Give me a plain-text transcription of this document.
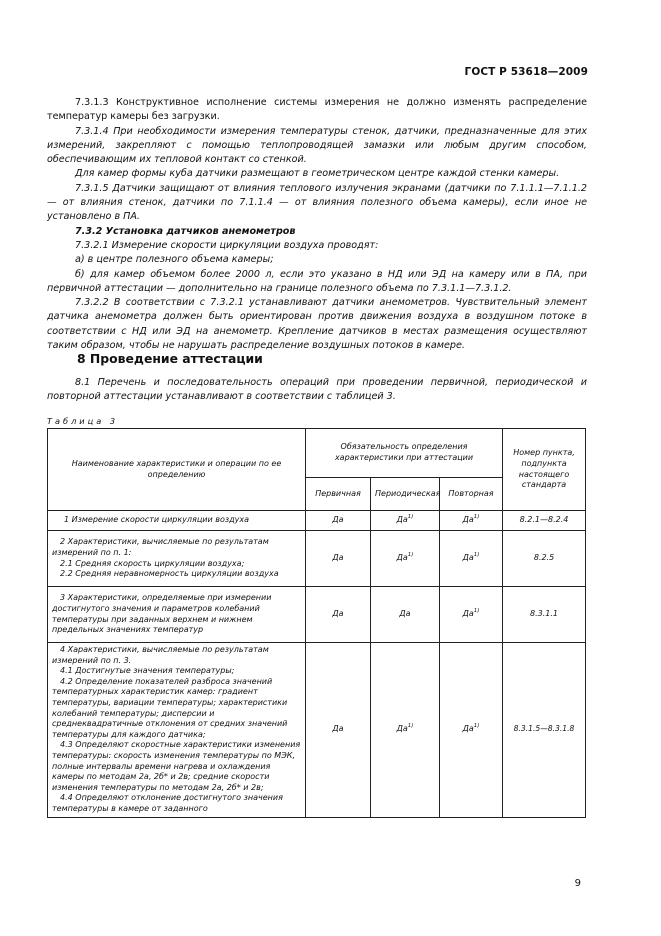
ГОСТ Р 53618—2009

7.3.1.3 Конструктивное исполнение системы измерения не должно изменять распределение температур камеры без загрузки.

7.3.1.4 При необходимости измерения температуры стенок, датчики, предназначенные для этих измерений, закрепляют с помощью теплопроводящей замазки или любым другим способом, обеспечивающим их тепловой контакт со стенкой.

Для камер формы куба датчики размещают в геометрическом центре каждой стенки камеры.

7.3.1.5 Датчики защищают от влияния теплового излучения экранами (датчики по 7.1.1.1—7.1.1.2 — от влияния стенок, датчики по 7.1.1.4 — от влияния полезного объема камеры), если иное не установлено в ПА.

7.3.2 Установка датчиков анемометров

7.3.2.1 Измерение скорости циркуляции воздуха проводят:

а) в центре полезного объема камеры;

б) для камер объемом более 2000 л, если это указано в НД или ЭД на камеру или в ПА, при первичной аттестации — дополнительно на границе полезного объема по 7.3.1.1—7.3.1.2.

7.3.2.2 В соответствии с 7.3.2.1 устанавливают датчики анемометров. Чувствительный элемент датчика анемометра должен быть ориентирован против движения воздуха в воздушном потоке в соответствии с НД или ЭД на анемометр. Крепление датчиков в местах размещения осуществляют таким образом, чтобы не нарушать распределение воздушных потоков в камере.

8 Проведение аттестации
8.1 Перечень и последовательность операций при проведении первичной, периодической и повторной аттестации устанавливают в соответствии с таблицей 3.
Таблица 3
Наименование характеристики и операции по ее определению	Обязательность определения характеристики при аттестации			Номер пункта, подпункта настоящего стандарта
	Первичная	Периодическая	Повторная	

1 Измерение скорости циркуляции воздуха	Да	$Да^{1)}$	$Да^{1)}$	8.2.1—8.2.4

2 Характеристики, вычисляемые по результатам измерений по п. 1:
2.1 Средняя скорость циркуляции воздуха;
2.2 Средняя неравномерность циркуляции воздуха	Да	$Да^{1)}$	$Да^{1)}$	8.2.5

3 Характеристики, определяемые при измерении достигнутого значения и параметров колебаний температуры при заданных верхнем и нижнем предельных значениях температур	Да	Да	$Да^{1)}$	8.3.1.1

4 Характеристики, вычисляемые по результатам измерений по п. 3.
4.1 Достигнутые значения температуры;
4.2 Определение показателей разброса значений температурных характеристик камер: градиент температуры, вариации температуры; характеристики колебаний температуры; дисперсии и среднеквадратичные отклонения от средних значений температуры для каждого датчика;
4.3 Определяют скоростные характеристики изменения температуры: скорость изменения температуры по МЭК, полные интервалы времени нагрева и охлаждения камеры по методам 2а, 2б* и 2в; средние скорости изменения температуры по методам 2а, 2б* и 2в;
4.4 Определяют отклонение достигнутого значения температуры в камере от заданного	Да	$Да^{1)}$	$Да^{1)}$	8.3.1.5—8.3.1.8
9
